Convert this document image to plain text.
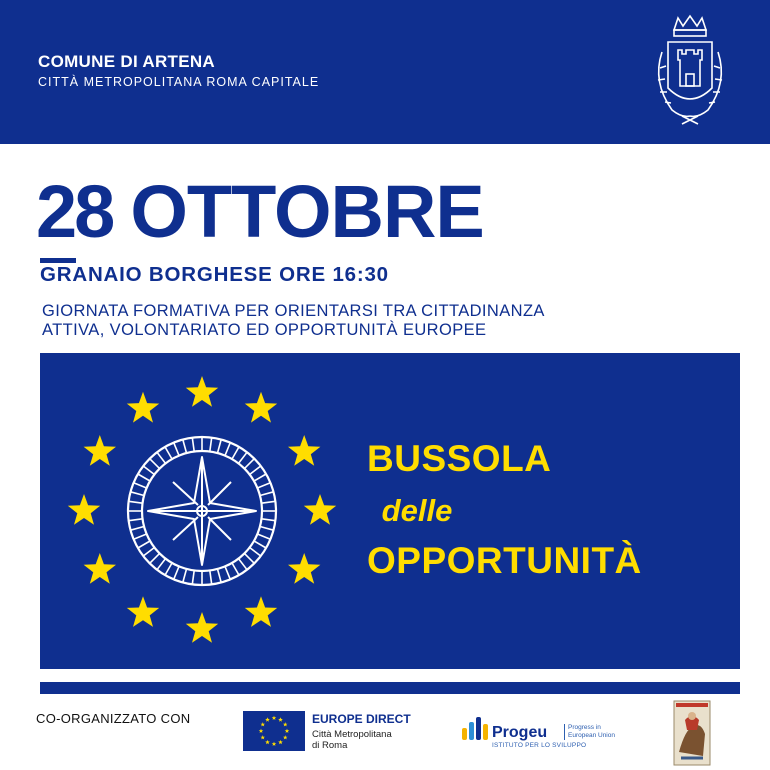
COMUNE DI ARTENA
CITTÀ METROPOLITANA ROMA CAPITALE
28 OTTOBRE
GRANAIO BORGHESE ORE 16:30
GIORNATA FORMATIVA PER ORIENTARSI TRA CITTADINANZA
ATTIVA, VOLONTARIATO ED OPPORTUNITÀ EUROPEE
BUSSOLA
delle
OPPORTUNITÀ
CO-ORGANIZZATO CON	EUROPE DIRECT
Città Metropolitana
di Roma
Progeu	Progress in
European Union
ISTITUTO PER LO SVILUPPO
